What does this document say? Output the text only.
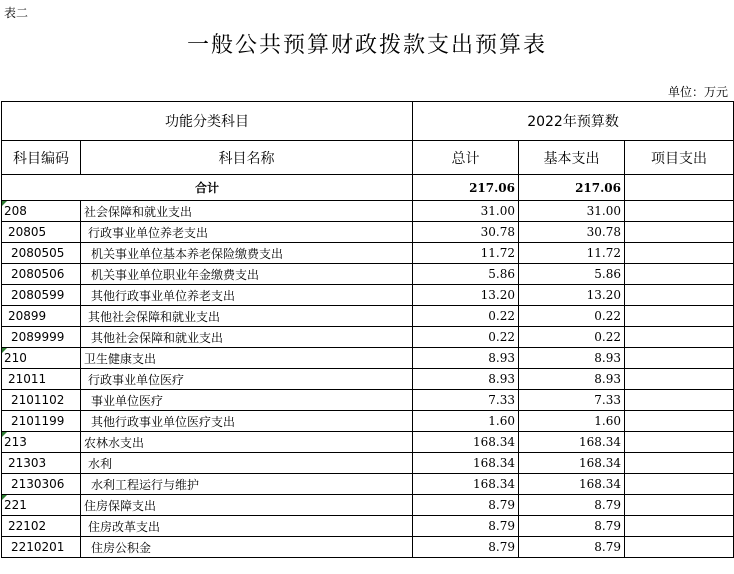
表二
一般公共预算财政拨款支出预算表
单位：万元
功能分类科目		2022年预算数		
科目编码	科目名称	总计	基本支出	项目支出
合计		217.06	217.06	
208	社会保障和就业支出	31.00	31.00	
20805	行政事业单位养老支出	30.78	30.78	
2080505	机关事业单位基本养老保险缴费支出	11.72	11.72	
2080506	机关事业单位职业年金缴费支出	5.86	5.86	
2080599	其他行政事业单位养老支出	13.20	13.20	
20899	其他社会保障和就业支出	0.22	0.22	
2089999	其他社会保障和就业支出	0.22	0.22	
210	卫生健康支出	8.93	8.93	
21011	行政事业单位医疗	8.93	8.93	
2101102	事业单位医疗	7.33	7.33	
2101199	其他行政事业单位医疗支出	1.60	1.60	
213	农林水支出	168.34	168.34	
21303	水利	168.34	168.34	
2130306	水利工程运行与维护	168.34	168.34	
221	住房保障支出	8.79	8.79	
22102	住房改革支出	8.79	8.79	
2210201	住房公积金	8.79	8.79	
